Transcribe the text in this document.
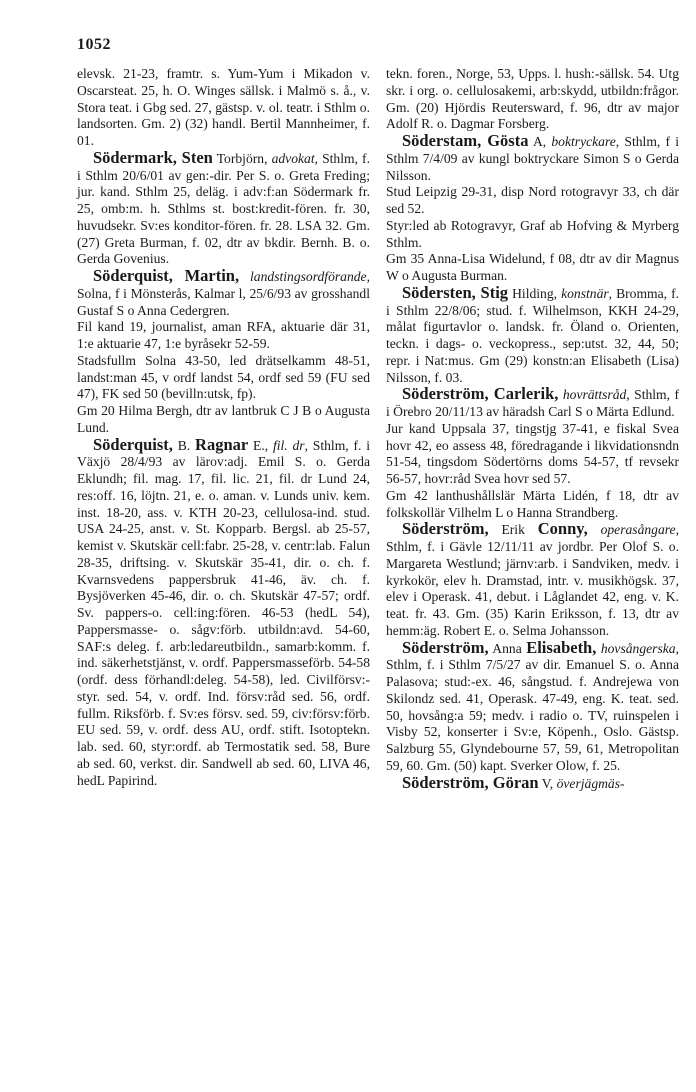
1052

elevsk. 21-23, framtr. s. Yum-Yum i Mikadon v. Oscarsteat. 25, h. O. Winges sällsk. i Malmö s. å., v. Stora teat. i Gbg sed. 27, gästsp. v. ol. teatr. i Sthlm o. landsorten. Gm. 2) (32) handl. Bertil Mannheimer, f. 01.

Södermark, Sten Torbjörn, advokat, Sthlm, f. i Sthlm 20/6/01 av gen:-dir. Per S. o. Greta Freding; jur. kand. Sthlm 25, deläg. i adv:f:an Södermark fr. 25, omb:m. h. Sthlms st. bost:kredit-fören. fr. 30, huvudsekr. Sv:es konditor-fören. fr. 28. LSA 32. Gm. (27) Greta Burman, f. 02, dtr av bkdir. Bernh. B. o. Gerda Govenius.

Söderquist, Martin, landstingsordförande, Solna, f i Mönsterås, Kalmar l, 25/6/93 av grosshandl Gustaf S o Anna Cedergren.

Fil kand 19, journalist, aman RFA, aktuarie där 31, 1:e aktuarie 47, 1:e byråsekr 52-59.

Stadsfullm Solna 43-50, led drätselkamm 48-51, landst:man 45, v ordf landst 54, ordf sed 59 (FU sed 47), FK sed 50 (bevilln:utsk, fp).

Gm 20 Hilma Bergh, dtr av lantbruk C J B o Augusta Lund.

Söderquist, B. Ragnar E., fil. dr, Sthlm, f. i Växjö 28/4/93 av lärov:adj. Emil S. o. Gerda Eklundh; fil. mag. 17, fil. lic. 21, fil. dr Lund 24, res:off. 16, löjtn. 21, e. o. aman. v. Lunds univ. kem. inst. 18-20, ass. v. KTH 20-23, cellulosa-ind. stud. USA 24-25, anst. v. St. Kopparb. Bergsl. ab 25-57, kemist v. Skutskär cell:fabr. 25-28, v. centr:lab. Falun 28-35, driftsing. v. Skutskär 35-41, dir. o. ch. f. Kvarnsvedens pappersbruk 41-46, äv. ch. f. Bysjöverken 45-46, dir. o. ch. Skutskär 47-57; ordf. Sv. pappers-o. cell:ing:fören. 46-53 (hedL 54), Pappersmasse- o. sågv:förb. utbildn:avd. 54-60, SAF:s deleg. f. arb:ledareutbildn., samarb:komm. f. ind. säkerhetstjänst, v. ordf. Pappersmasseförb. 54-58 (ordf. dess förhandl:deleg. 54-58), led. Civilförsv:-styr. sed. 54, v. ordf. Ind. försv:råd sed. 56, ordf. fullm. Riksförb. f. Sv:es försv. sed. 59, civ:försv:förb. EU sed. 59, v. ordf. dess AU, ordf. stift. Isotoptekn. lab. sed. 60, styr:ordf. ab Termostatik sed. 58, Bure ab sed. 60, verkst. dir. Sandwell ab sed. 60, LIVA 46, hedL Papirind.

tekn. foren., Norge, 53, Upps. l. hush:-sällsk. 54. Utg skr. i org. o. cellulosakemi, arb:skydd, utbildn:frågor. Gm. (20) Hjördis Reutersward, f. 96, dtr av major Adolf R. o. Dagmar Forsberg.

Söderstam, Gösta A, boktryckare, Sthlm, f i Sthlm 7/4/09 av kungl boktryckare Simon S o Gerda Nilsson.

Stud Leipzig 29-31, disp Nord rotogravyr 33, ch där sed 52.

Styr:led ab Rotogravyr, Graf ab Hofving & Myrberg Sthlm.

Gm 35 Anna-Lisa Widelund, f 08, dtr av dir Magnus W o Augusta Burman.

Södersten, Stig Hilding, konstnär, Bromma, f. i Sthlm 22/8/06; stud. f. Wilhelmson, KKH 24-29, målat figurtavlor o. landsk. fr. Öland o. Orienten, teckn. i dags- o. veckopress., sep:utst. 32, 44, 50; repr. i Nat:mus. Gm (29) konstn:an Elisabeth (Lisa) Nilsson, f. 03.

Söderström, Carlerik, hovrättsråd, Sthlm, f i Örebro 20/11/13 av häradsh Carl S o Märta Edlund.

Jur kand Uppsala 37, tingstjg 37-41, e fiskal Svea hovr 42, eo assess 48, föredragande i likvidationsndn 51-54, tingsdom Södertörns doms 54-57, tf revsekr 56-57, hovr:råd Svea hovr sed 57.

Gm 42 lanthushållslär Märta Lidén, f 18, dtr av folkskollär Vilhelm L o Hanna Strandberg.

Söderström, Erik Conny, operasångare, Sthlm, f. i Gävle 12/11/11 av jordbr. Per Olof S. o. Margareta Westlund; järnv:arb. i Sandviken, medv. i kyrkokör, elev h. Dramstad, intr. v. musikhögsk. 37, elev i Operask. 41, debut. i Låglandet 42, eng. v. K. teat. fr. 43. Gm. (35) Karin Eriksson, f. 13, dtr av hemm:äg. Robert E. o. Selma Johansson.

Söderström, Anna Elisabeth, hovsångerska, Sthlm, f. i Sthlm 7/5/27 av dir. Emanuel S. o. Anna Palasova; stud:-ex. 46, sångstud. f. Andrejewa von Skilondz sed. 41, Operask. 47-49, eng. K. teat. sed. 50, hovsång:a 59; medv. i radio o. TV, ruinspelen i Visby 52, konserter i Sv:e, Köpenh., Oslo. Gästsp. Salzburg 55, Glyndebourne 57, 59, 61, Metropolitan 59, 60. Gm. (50) kapt. Sverker Olow, f. 25.

Söderström, Göran V, överjägmäs-
